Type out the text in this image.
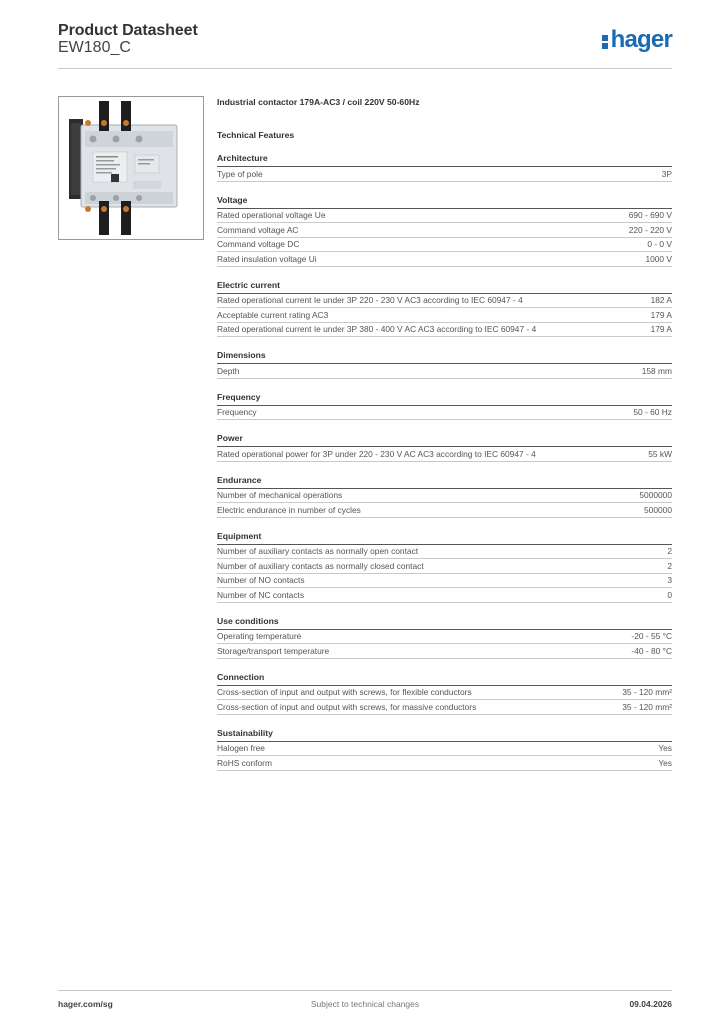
Product Datasheet
EW180_C	hager
Industrial contactor 179A-AC3 / coil 220V 50-60Hz
Technical Features
Architecture
Type of pole	3P
Voltage
Rated operational voltage Ue	690 - 690 V
Command voltage AC	220 - 220 V
Command voltage DC	0 - 0 V
Rated insulation voltage Ui	1000 V
Electric current
Rated operational current Ie under 3P 220 - 230 V AC3 according to IEC 60947 - 4	182 A
Acceptable current rating AC3	179 A
Rated operational current Ie under 3P 380 - 400 V AC AC3 according to IEC 60947 - 4	179 A
Dimensions
Depth	158 mm
Frequency
Frequency	50 - 60 Hz
Power
Rated operational power for 3P under 220 - 230 V AC AC3 according to IEC 60947 - 4	55 kW
Endurance
Number of mechanical operations	5000000
Electric endurance in number of cycles	500000
Equipment
Number of auxiliary contacts as normally open contact	2
Number of auxiliary contacts as normally closed contact	2
Number of NO contacts	3
Number of NC contacts	0
Use conditions
Operating temperature	-20 - 55 °C
Storage/transport temperature	-40 - 80 °C
Connection
Cross-section of input and output with screws, for flexible conductors	35 - 120 mm²
Cross-section of input and output with screws, for massive conductors	35 - 120 mm²
Sustainability
Halogen free	Yes
RoHS conform	Yes
hager.com/sg	Subject to technical changes	09.04.2026
